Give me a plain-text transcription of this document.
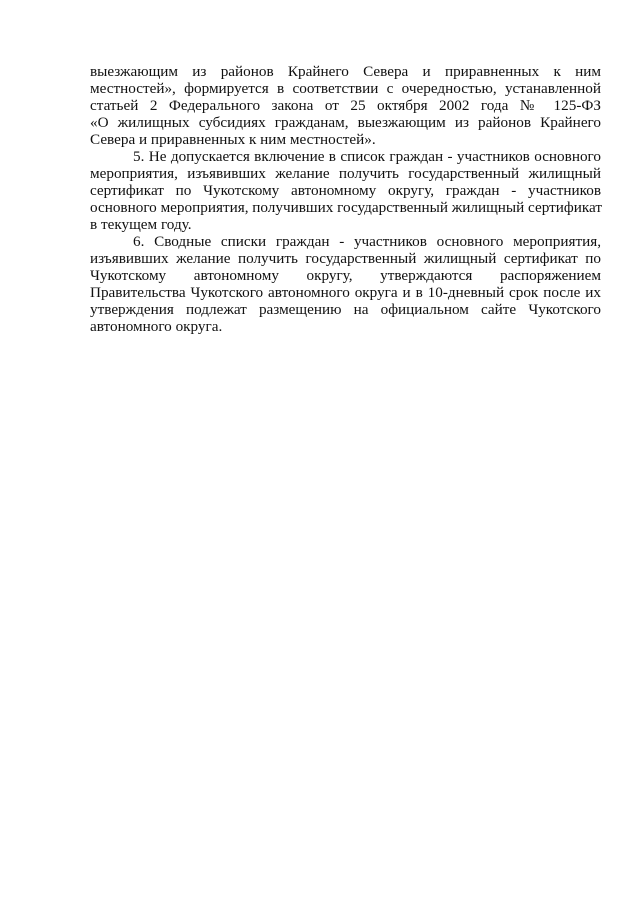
выезжающим из районов Крайнего Севера и приравненных к ним
местностей», формируется в соответствии с очередностью, устанавленной
статьей 2 Федерального закона от 25 октября 2002 года № 125-ФЗ
«О жилищных субсидиях гражданам, выезжающим из районов Крайнего
Севера и приравненных к ним местностей».
5. Не допускается включение в список граждан - участников основного
мероприятия, изъявивших желание получить государственный жилищный
сертификат по Чукотскому автономному округу, граждан - участников
основного мероприятия, получивших государственный жилищный сертификат
в текущем году.
6. Сводные списки граждан - участников основного мероприятия,
изъявивших желание получить государственный жилищный сертификат по
Чукотскому автономному округу, утверждаются распоряжением
Правительства Чукотского автономного округа и в 10-дневный срок после их
утверждения подлежат размещению на официальном сайте Чукотского
автономного округа.
